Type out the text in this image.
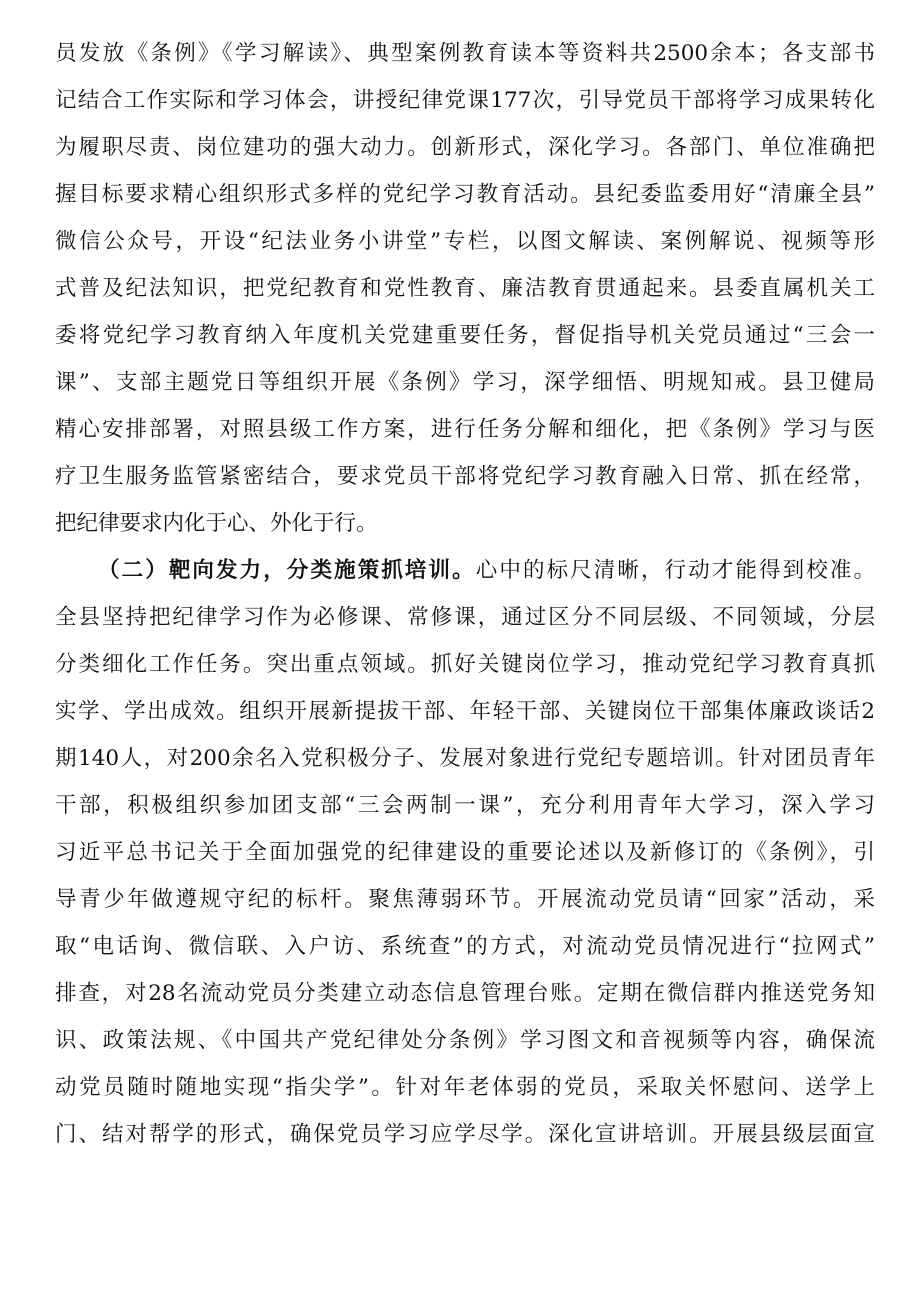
员发放《条例》《学习解读》、典型案例教育读本等资料共2500余本；各支部书
记结合工作实际和学习体会，讲授纪律党课177次，引导党员干部将学习成果转化
为履职尽责、岗位建功的强大动力。创新形式，深化学习。各部门、单位准确把
握目标要求精心组织形式多样的党纪学习教育活动。县纪委监委用好“清廉全县”
微信公众号，开设“纪法业务小讲堂”专栏，以图文解读、案例解说、视频等形
式普及纪法知识，把党纪教育和党性教育、廉洁教育贯通起来。县委直属机关工
委将党纪学习教育纳入年度机关党建重要任务，督促指导机关党员通过“三会一
课”、支部主题党日等组织开展《条例》学习，深学细悟、明规知戒。县卫健局
精心安排部署，对照县级工作方案，进行任务分解和细化，把《条例》学习与医
疗卫生服务监管紧密结合，要求党员干部将党纪学习教育融入日常、抓在经常，
把纪律要求内化于心、外化于行。
（二）靶向发力，分类施策抓培训。心中的标尺清晰，行动才能得到校准。
全县坚持把纪律学习作为必修课、常修课，通过区分不同层级、不同领域，分层
分类细化工作任务。突出重点领域。抓好关键岗位学习，推动党纪学习教育真抓
实学、学出成效。组织开展新提拔干部、年轻干部、关键岗位干部集体廉政谈话2
期140人，对200余名入党积极分子、发展对象进行党纪专题培训。针对团员青年
干部，积极组织参加团支部“三会两制一课”，充分利用青年大学习，深入学习
习近平总书记关于全面加强党的纪律建设的重要论述以及新修订的《条例》，引
导青少年做遵规守纪的标杆。聚焦薄弱环节。开展流动党员请“回家”活动，采
取“电话询、微信联、入户访、系统查”的方式，对流动党员情况进行“拉网式”
排查，对28名流动党员分类建立动态信息管理台账。定期在微信群内推送党务知
识、政策法规、《中国共产党纪律处分条例》学习图文和音视频等内容，确保流
动党员随时随地实现“指尖学”。针对年老体弱的党员，采取关怀慰问、送学上
门、结对帮学的形式，确保党员学习应学尽学。深化宣讲培训。开展县级层面宣
